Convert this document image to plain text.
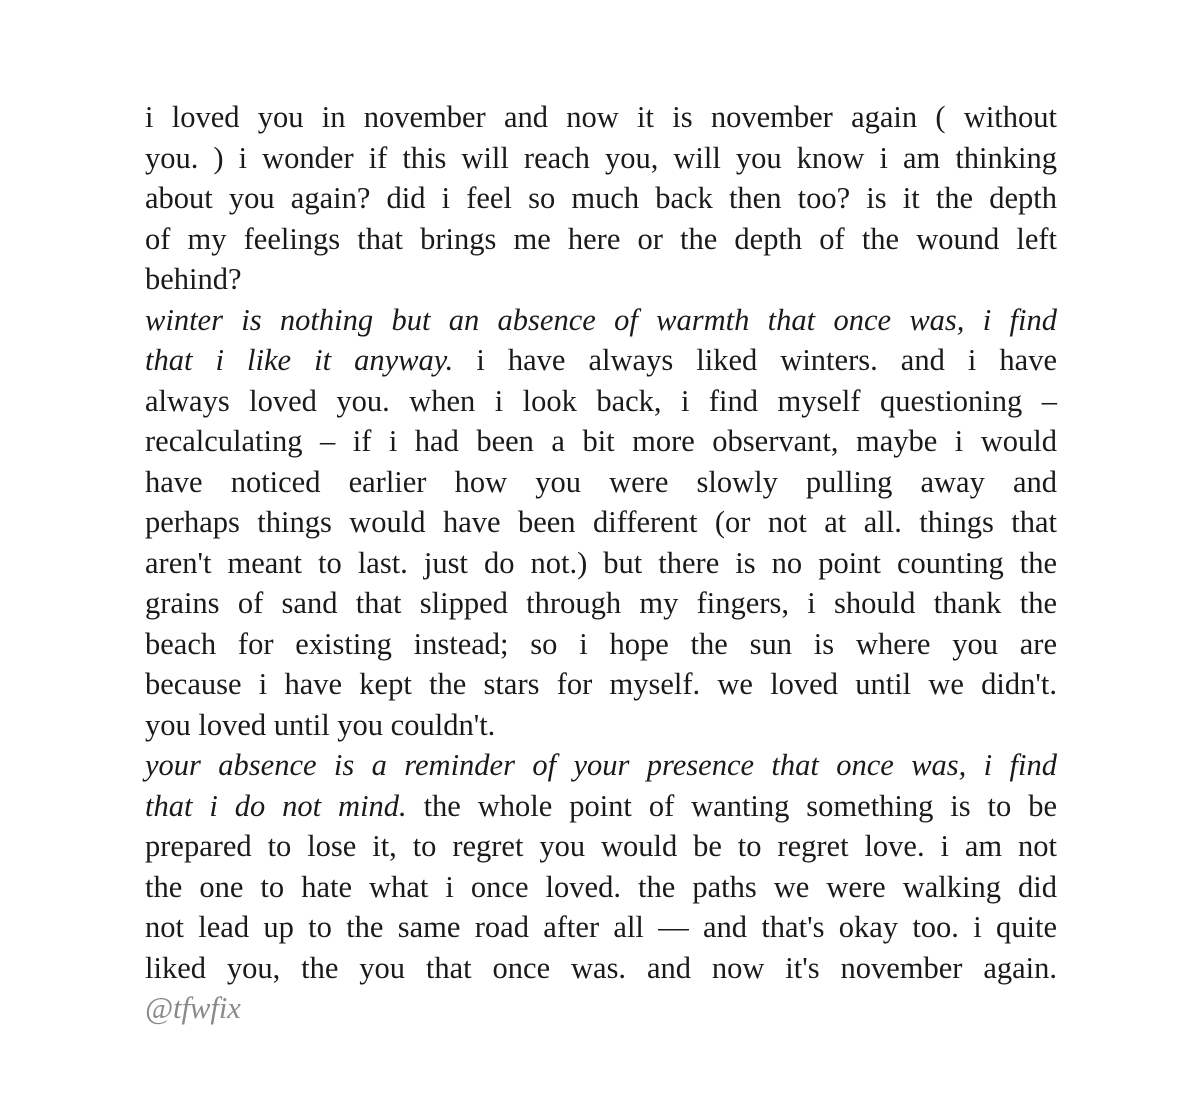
i loved you in november and now it is november again ( without
you. ) i wonder if this will reach you, will you know i am thinking
about you again? did i feel so much back then too? is it the depth
of my feelings that brings me here or the depth of the wound left
behind?
winter is nothing but an absence of warmth that once was, i find
that i like it anyway. i have always liked winters. and i have
always loved you. when i look back, i find myself questioning –
recalculating – if i had been a bit more observant, maybe i would
have noticed earlier how you were slowly pulling away and
perhaps things would have been different (or not at all. things that
aren't meant to last. just do not.) but there is no point counting the
grains of sand that slipped through my fingers, i should thank the
beach for existing instead; so i hope the sun is where you are
because i have kept the stars for myself. we loved until we didn't.
you loved until you couldn't.
your absence is a reminder of your presence that once was, i find
that i do not mind. the whole point of wanting something is to be
prepared to lose it, to regret you would be to regret love. i am not
the one to hate what i once loved. the paths we were walking did
not lead up to the same road after all — and that's okay too. i quite
liked you, the you that once was. and now it's november again.
@tfwfix
